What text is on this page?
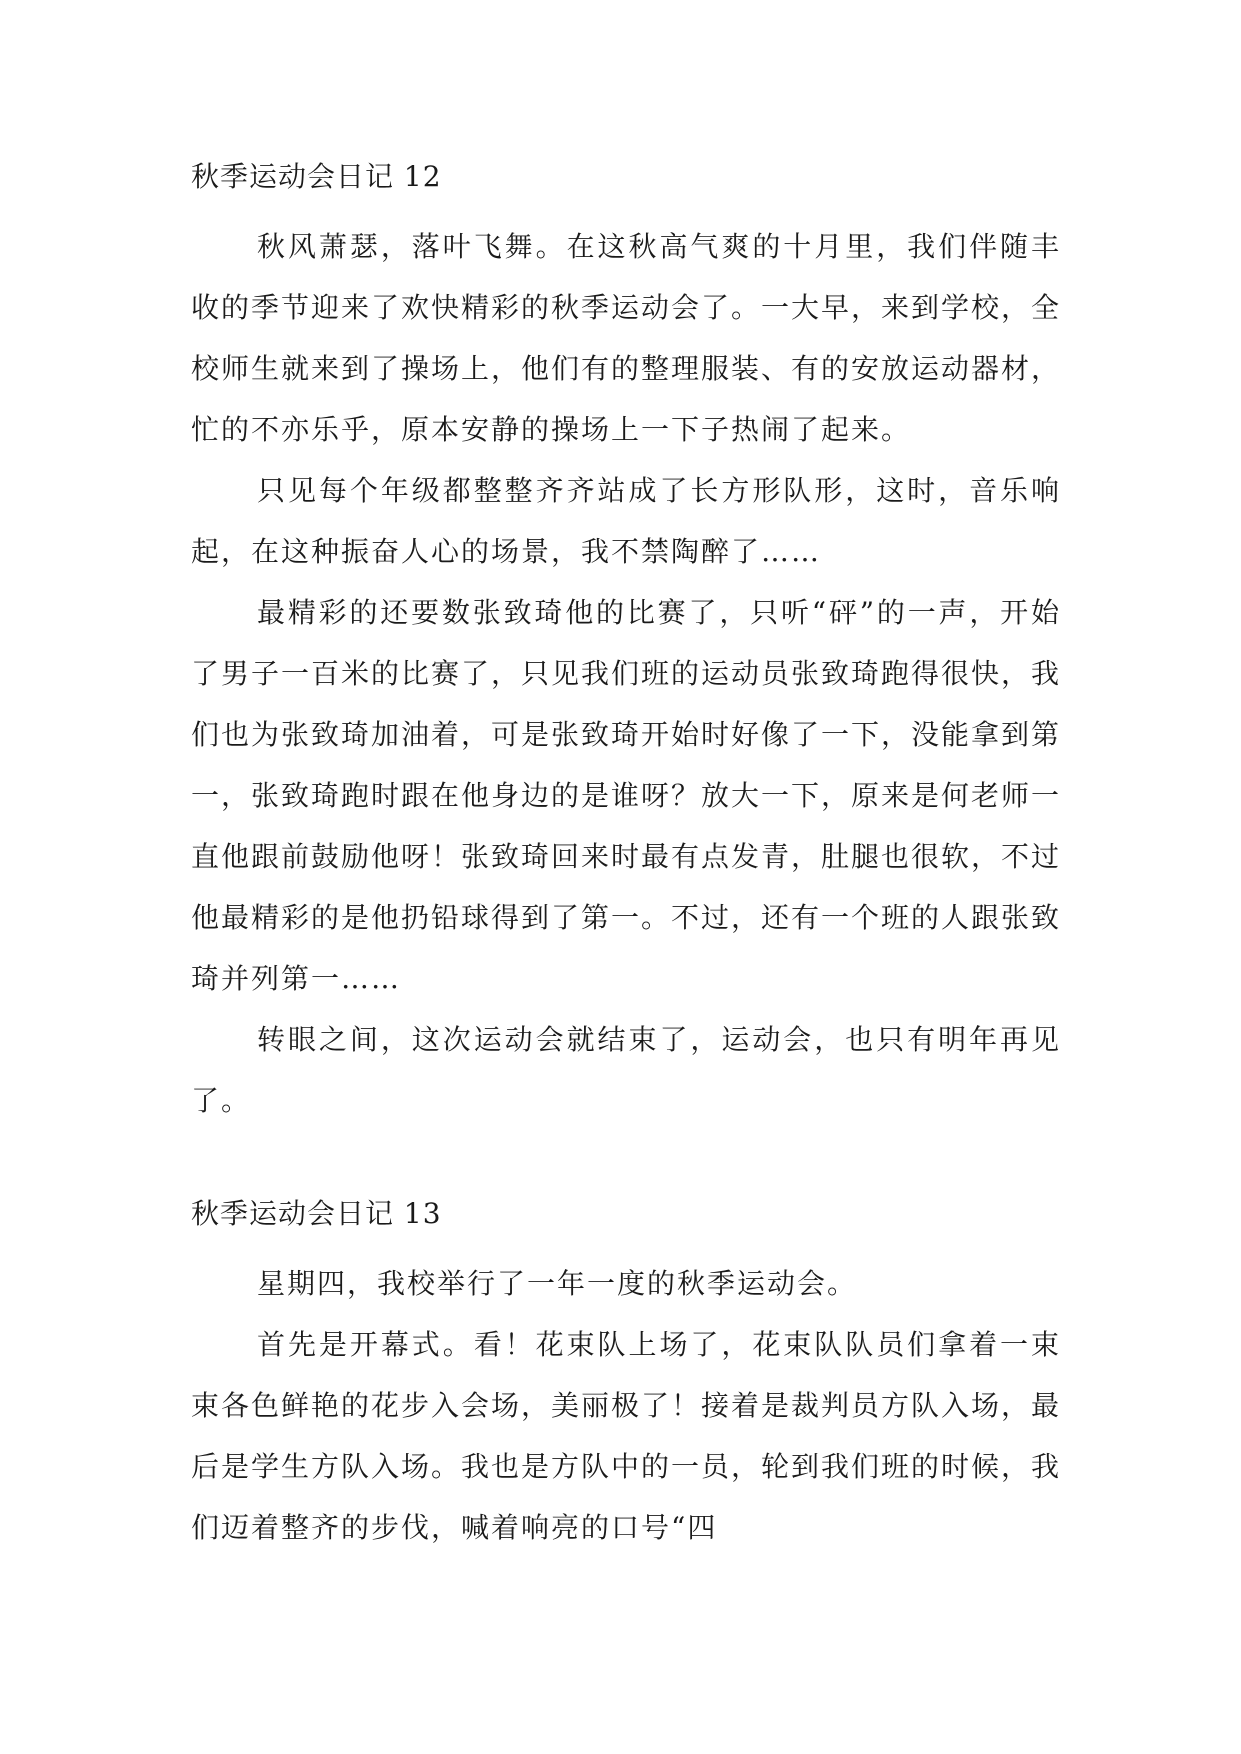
秋季运动会日记 12

秋风萧瑟，落叶飞舞。在这秋高气爽的十月里，我们伴随丰收的季节迎来了欢快精彩的秋季运动会了。一大早，来到学校，全校师生就来到了操场上，他们有的整理服装、有的安放运动器材，忙的不亦乐乎，原本安静的操场上一下子热闹了起来。

只见每个年级都整整齐齐站成了长方形队形，这时，音乐响起，在这种振奋人心的场景，我不禁陶醉了……

最精彩的还要数张致琦他的比赛了，只听“砰”的一声，开始了男子一百米的比赛了，只见我们班的运动员张致琦跑得很快，我们也为张致琦加油着，可是张致琦开始时好像了一下，没能拿到第一，张致琦跑时跟在他身边的是谁呀？放大一下，原来是何老师一直他跟前鼓励他呀！张致琦回来时最有点发青，肚腿也很软，不过他最精彩的是他扔铅球得到了第一。不过，还有一个班的人跟张致琦并列第一……

转眼之间，这次运动会就结束了，运动会，也只有明年再见了。

秋季运动会日记 13

星期四，我校举行了一年一度的秋季运动会。

首先是开幕式。看！花束队上场了，花束队队员们拿着一束束各色鲜艳的花步入会场，美丽极了！接着是裁判员方队入场，最后是学生方队入场。我也是方队中的一员，轮到我们班的时候，我们迈着整齐的步伐，喊着响亮的口号“四
